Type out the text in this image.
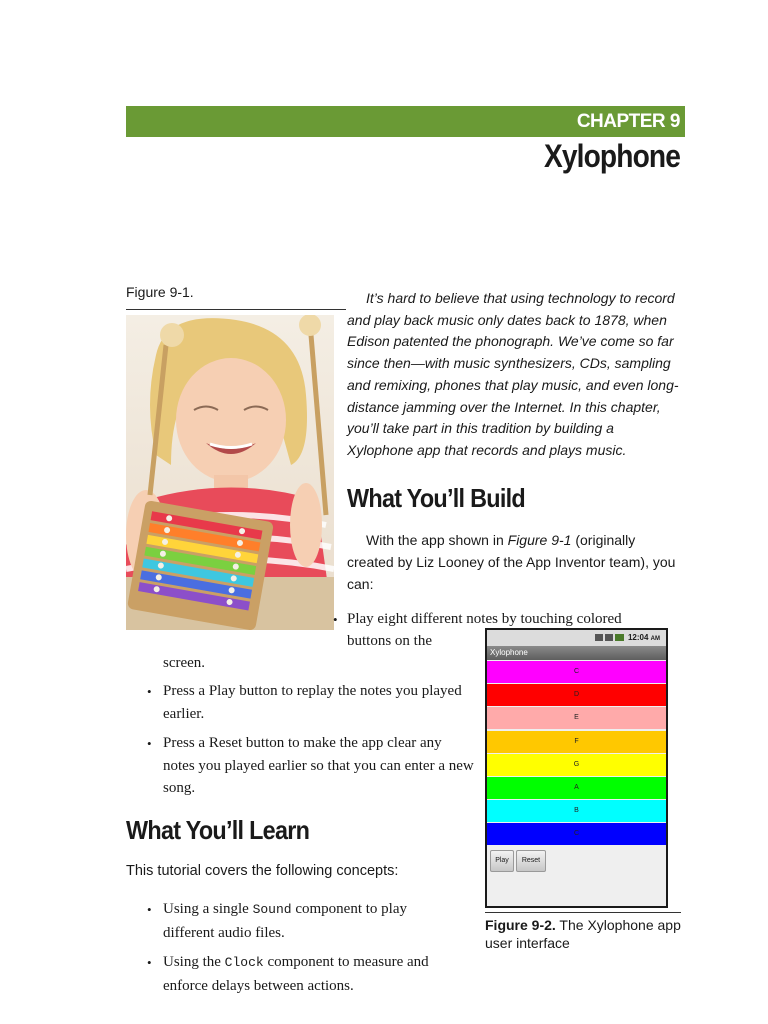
CHAPTER 9
Xylophone
Figure 9-1.	It’s hard to believe that using technology to record and play back music only dates back to 1878, when Edison patented the phonograph. We’ve come so far since then—with music synthesizers, CDs, sampling and remixing, phones that play music, and even long-distance jamming over the Internet. In this chapter, you’ll take part in this tradition by building a Xylophone app that records and plays music.

What You’ll Build

With the app shown in Figure 9-1 (originally created by Liz Looney of the App Inventor team), you can:

• Play eight different notes by touching colored
buttons on the
screen.
• Press a Play button to replay the notes you played earlier.
• Press a Reset button to make the app clear any notes you played earlier so that you can enter a new song.
What You’ll Learn
This tutorial covers the following concepts:
• Using a single Sound component to play different audio files.
• Using the Clock component to measure and enforce delays between actions.
12:04 AM
Xylophone
C
D
E
F
G
A
B
C
Play	Reset
Figure 9-2. The Xylophone app user interface
